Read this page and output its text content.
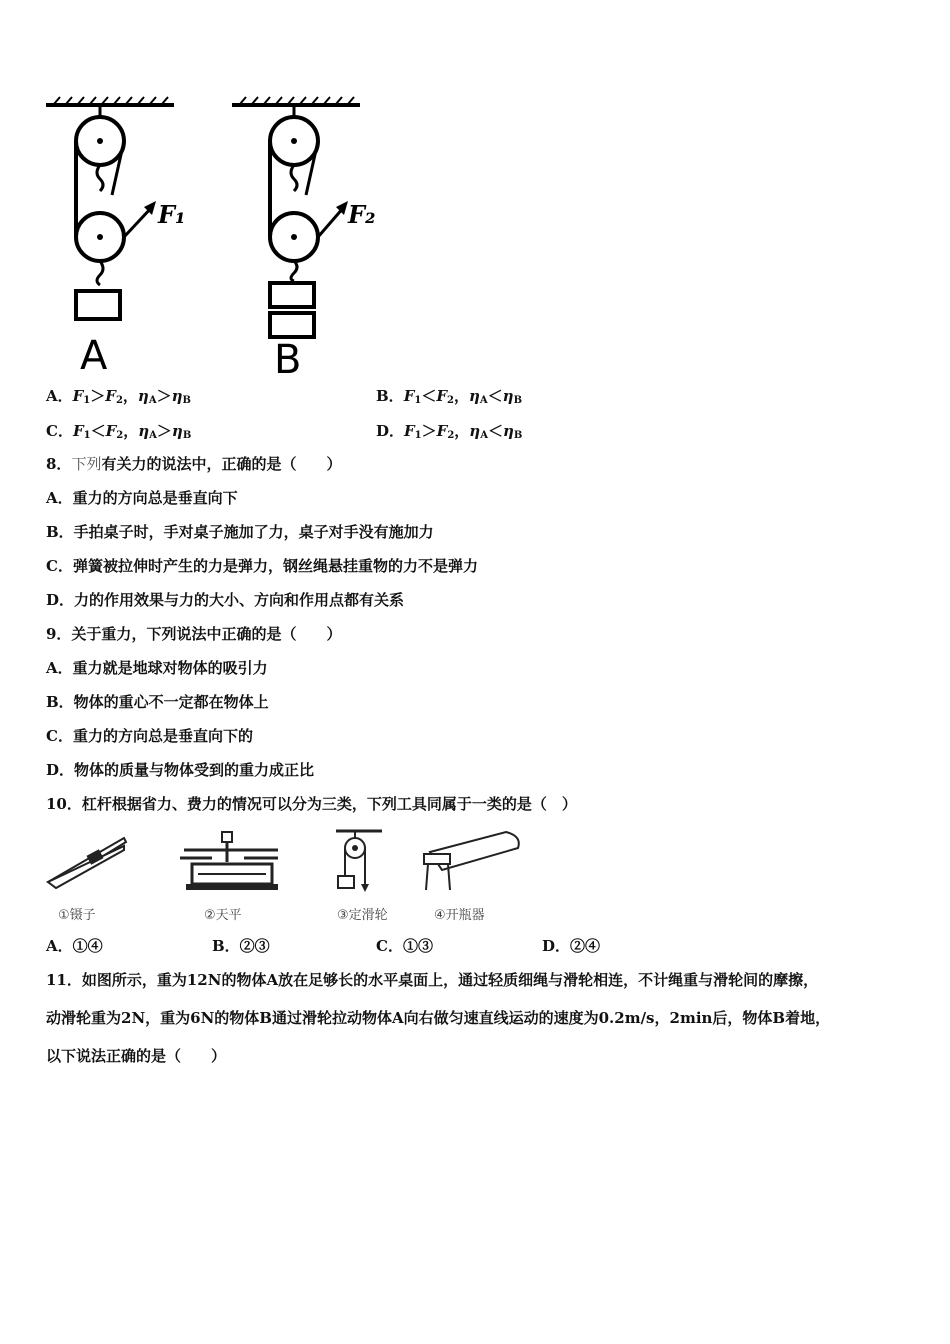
F₁
A
F₂
B
A．$F_1>F_2$，$\eta_A>\eta_B$	B．$F_1<F_2$，$\eta_A<\eta_B$
C．$F_1<F_2$，$\eta_A>\eta_B$	D．$F_1>F_2$，$\eta_A<\eta_B$
8．下列有关力的说法中，正确的是（　　）
A．重力的方向总是垂直向下
B．手拍桌子时，手对桌子施加了力，桌子对手没有施加力
C．弹簧被拉伸时产生的力是弹力，钢丝绳悬挂重物的力不是弹力
D．力的作用效果与力的大小、方向和作用点都有关系
9．关于重力，下列说法中正确的是（　　）
A．重力就是地球对物体的吸引力
B．物体的重心不一定都在物体上
C．重力的方向总是垂直向下的
D．物体的质量与物体受到的重力成正比
10．杠杆根据省力、费力的情况可以分为三类，下列工具同属于一类的是（　）
①镊子	②天平	③定滑轮	④开瓶器
A．①④	B．②③	C．①③	D．②④
11．如图所示，重为12N的物体A放在足够长的水平桌面上，通过轻质细绳与滑轮相连，不计绳重与滑轮间的摩擦，
动滑轮重为2N，重为6N的物体B通过滑轮拉动物体A向右做匀速直线运动的速度为0.2m/s，2min后，物体B着地，
以下说法正确的是（　　）
